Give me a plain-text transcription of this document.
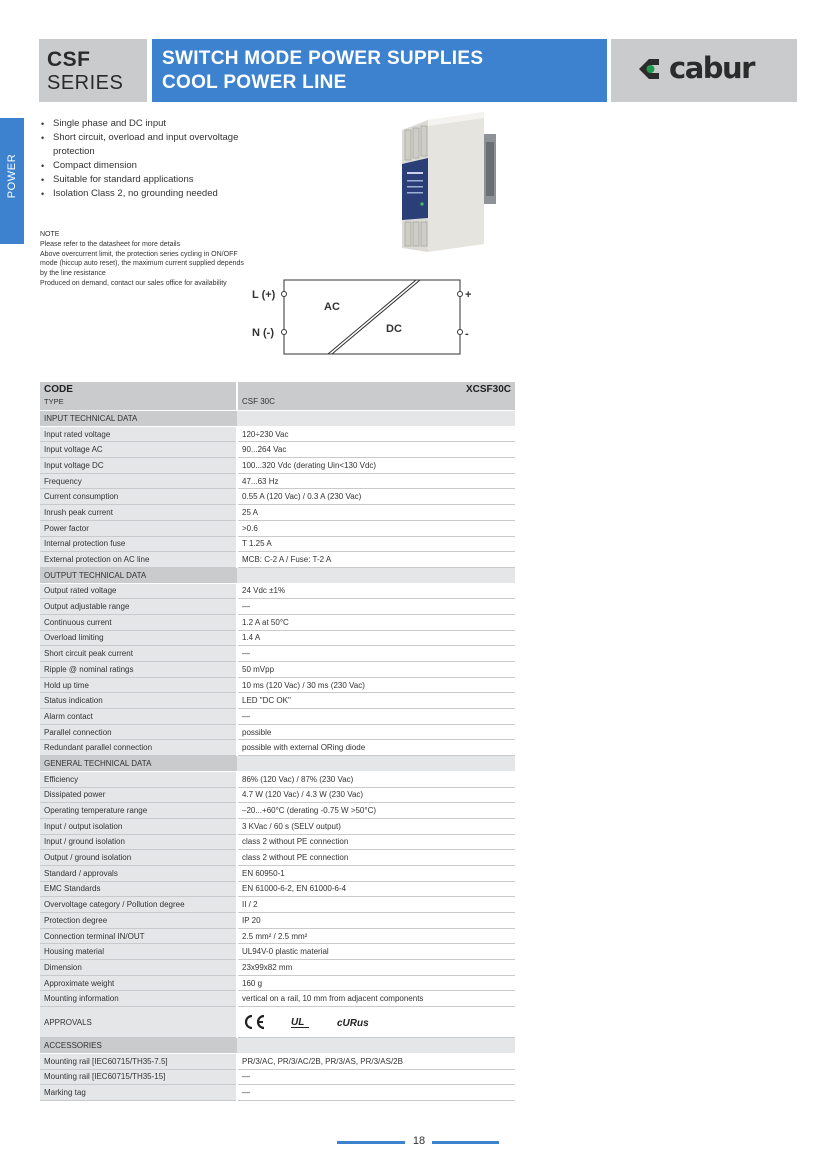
CSF
SERIES
SWITCH MODE POWER SUPPLIES
COOL POWER LINE	cabur
POWER
• Single phase and DC input
• Short circuit, overload and input overvoltage protection
• Compact dimension
• Suitable for standard applications
• Isolation Class 2, no grounding needed

NOTE

Please refer to the datasheet for more details

Above overcurrent limit, the protection series cycling in ON/OFF mode (hiccup auto reset), the maximum current supplied depends by the line resistance

Produced on demand, contact our sales office for availability

L (+)
N (-)
AC
DC
+
-
CODE
TYPE	XCSF30C
CSF 30C

INPUT TECHNICAL DATA	
Input rated voltage	120÷230 Vac
Input voltage AC	90...264 Vac
Input voltage DC	100...320 Vdc (derating Uin<130 Vdc)
Frequency	47...63 Hz
Current consumption	0.55 A (120 Vac) / 0.3 A (230 Vac)
Inrush peak current	25 A
Power factor	>0.6
Internal protection fuse	T 1.25 A
External protection on AC line	MCB: C-2 A / Fuse: T-2 A
OUTPUT TECHNICAL DATA	
Output rated voltage	24 Vdc ±1%
Output adjustable range	—
Continuous current	1.2 A at 50°C
Overload limiting	1.4 A
Short circuit peak current	—
Ripple @ nominal ratings	50 mVpp
Hold up time	10 ms (120 Vac) / 30 ms (230 Vac)
Status indication	LED "DC OK"
Alarm contact	—
Parallel connection	possible
Redundant parallel connection	possible with external ORing diode
GENERAL TECHNICAL DATA	
Efficiency	86% (120 Vac) / 87% (230 Vac)
Dissipated power	4.7 W (120 Vac) / 4.3 W (230 Vac)
Operating temperature range	–20...+60°C (derating -0.75 W >50°C)
Input / output isolation	3 KVac / 60 s (SELV output)
Input / ground isolation	class 2 without PE connection
Output / ground isolation	class 2 without PE connection
Standard / approvals	EN 60950-1
EMC Standards	EN 61000-6-2, EN 61000-6-4
Overvoltage category / Pollution degree	II / 2
Protection degree	IP 20
Connection terminal IN/OUT	2.5 mm² / 2.5 mm²
Housing material	UL94V-0 plastic material
Dimension	23x99x82 mm
Approximate weight	160 g
Mounting information	vertical on a rail, 10 mm from adjacent components
APPROVALS	UL cURus

ACCESSORIES	
Mounting rail [IEC60715/TH35-7.5]	PR/3/AC, PR/3/AC/2B, PR/3/AS, PR/3/AS/2B
Mounting rail [IEC60715/TH35-15]	—
Marking tag	—
18
